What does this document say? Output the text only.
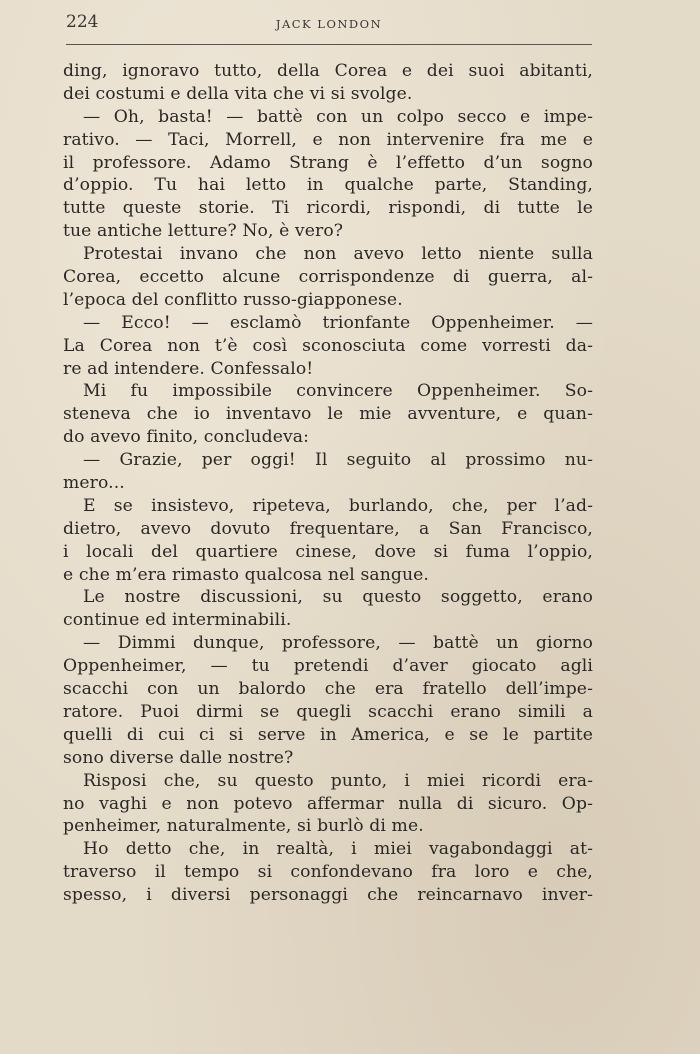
224	JACK LONDON
ding, ignoravo tutto, della Corea e dei suoi abitanti,
dei costumi e della vita che vi si svolge.
— Oh, basta! — battè con un colpo secco e impe-
rativo. — Taci, Morrell, e non intervenire fra me e
il professore. Adamo Strang è l’effetto d’un sogno
d’oppio. Tu hai letto in qualche parte, Standing,
tutte queste storie. Ti ricordi, rispondi, di tutte le
tue antiche letture? No, è vero?
Protestai invano che non avevo letto niente sulla
Corea, eccetto alcune corrispondenze di guerra, al-
l’epoca del conflitto russo-giapponese.
— Ecco! — esclamò trionfante Oppenheimer. —
La Corea non t’è così sconosciuta come vorresti da-
re ad intendere. Confessalo!
Mi fu impossibile convincere Oppenheimer. So-
steneva che io inventavo le mie avventure, e quan-
do avevo finito, concludeva:
— Grazie, per oggi! Il seguito al prossimo nu-
mero...
E se insistevo, ripeteva, burlando, che, per l’ad-
dietro, avevo dovuto frequentare, a San Francisco,
i locali del quartiere cinese, dove si fuma l’oppio,
e che m’era rimasto qualcosa nel sangue.
Le nostre discussioni, su questo soggetto, erano
continue ed interminabili.
— Dimmi dunque, professore, — battè un giorno
Oppenheimer, — tu pretendi d’aver giocato agli
scacchi con un balordo che era fratello dell’impe-
ratore. Puoi dirmi se quegli scacchi erano simili a
quelli di cui ci si serve in America, e se le partite
sono diverse dalle nostre?
Risposi che, su questo punto, i miei ricordi era-
no vaghi e non potevo affermar nulla di sicuro. Op-
penheimer, naturalmente, si burlò di me.
Ho detto che, in realtà, i miei vagabondaggi at-
traverso il tempo si confondevano fra loro e che,
spesso, i diversi personaggi che reincarnavo inver-
